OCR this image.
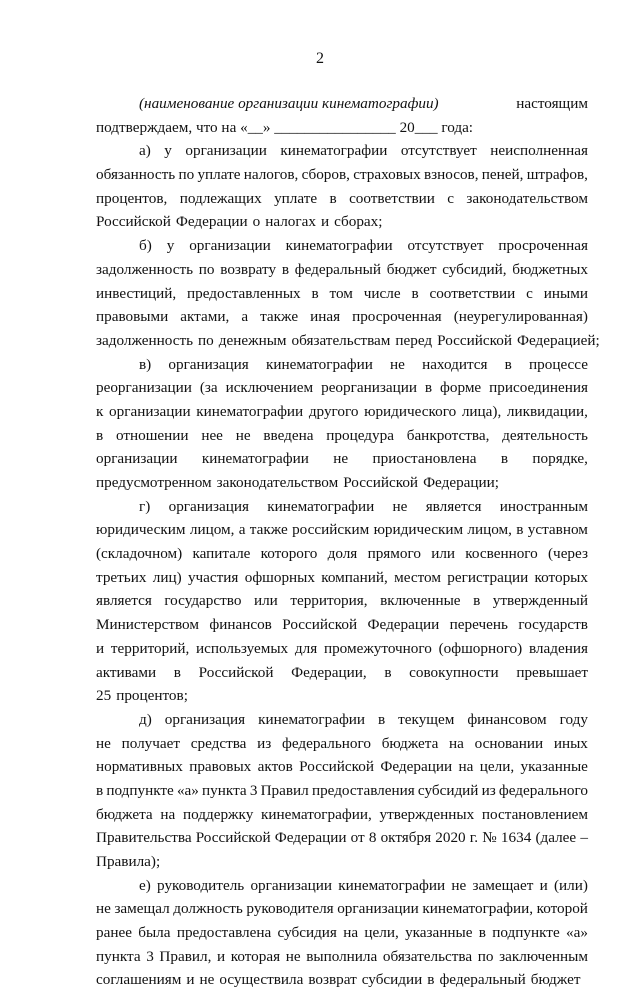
2
(наименование организации кинематографии)	настоящим
подтверждаем, что на «__» ________________ 20___ года:
а) у организации кинематографии отсутствует неисполненная
обязанность по уплате налогов, сборов, страховых взносов, пеней, штрафов,
процентов, подлежащих уплате в соответствии с законодательством
Российской Федерации о налогах и сборах;
б) у организации кинематографии отсутствует просроченная
задолженность по возврату в федеральный бюджет субсидий, бюджетных
инвестиций, предоставленных в том числе в соответствии с иными
правовыми актами, а также иная просроченная (неурегулированная)
задолженность по денежным обязательствам перед Российской Федерацией;
в) организация кинематографии не находится в процессе
реорганизации (за исключением реорганизации в форме присоединения
к организации кинематографии другого юридического лица), ликвидации,
в отношении нее не введена процедура банкротства, деятельность
организации кинематографии не приостановлена в порядке,
предусмотренном законодательством Российской Федерации;
г) организация кинематографии не является иностранным
юридическим лицом, а также российским юридическим лицом, в уставном
(складочном) капитале которого доля прямого или косвенного (через
третьих лиц) участия офшорных компаний, местом регистрации которых
является государство или территория, включенные в утвержденный
Министерством финансов Российской Федерации перечень государств
и территорий, используемых для промежуточного (офшорного) владения
активами в Российской Федерации, в совокупности превышает
25 процентов;
д) организация кинематографии в текущем финансовом году
не получает средства из федерального бюджета на основании иных
нормативных правовых актов Российской Федерации на цели, указанные
в подпункте «а» пункта 3 Правил предоставления субсидий из федерального
бюджета на поддержку кинематографии, утвержденных постановлением
Правительства Российской Федерации от 8 октября 2020 г. № 1634 (далее –
Правила);
е) руководитель организации кинематографии не замещает и (или)
не замещал должность руководителя организации кинематографии, которой
ранее была предоставлена субсидия на цели, указанные в подпункте «а»
пункта 3 Правил, и которая не выполнила обязательства по заключенным
соглашениям и не осуществила возврат субсидии в федеральный бюджет
